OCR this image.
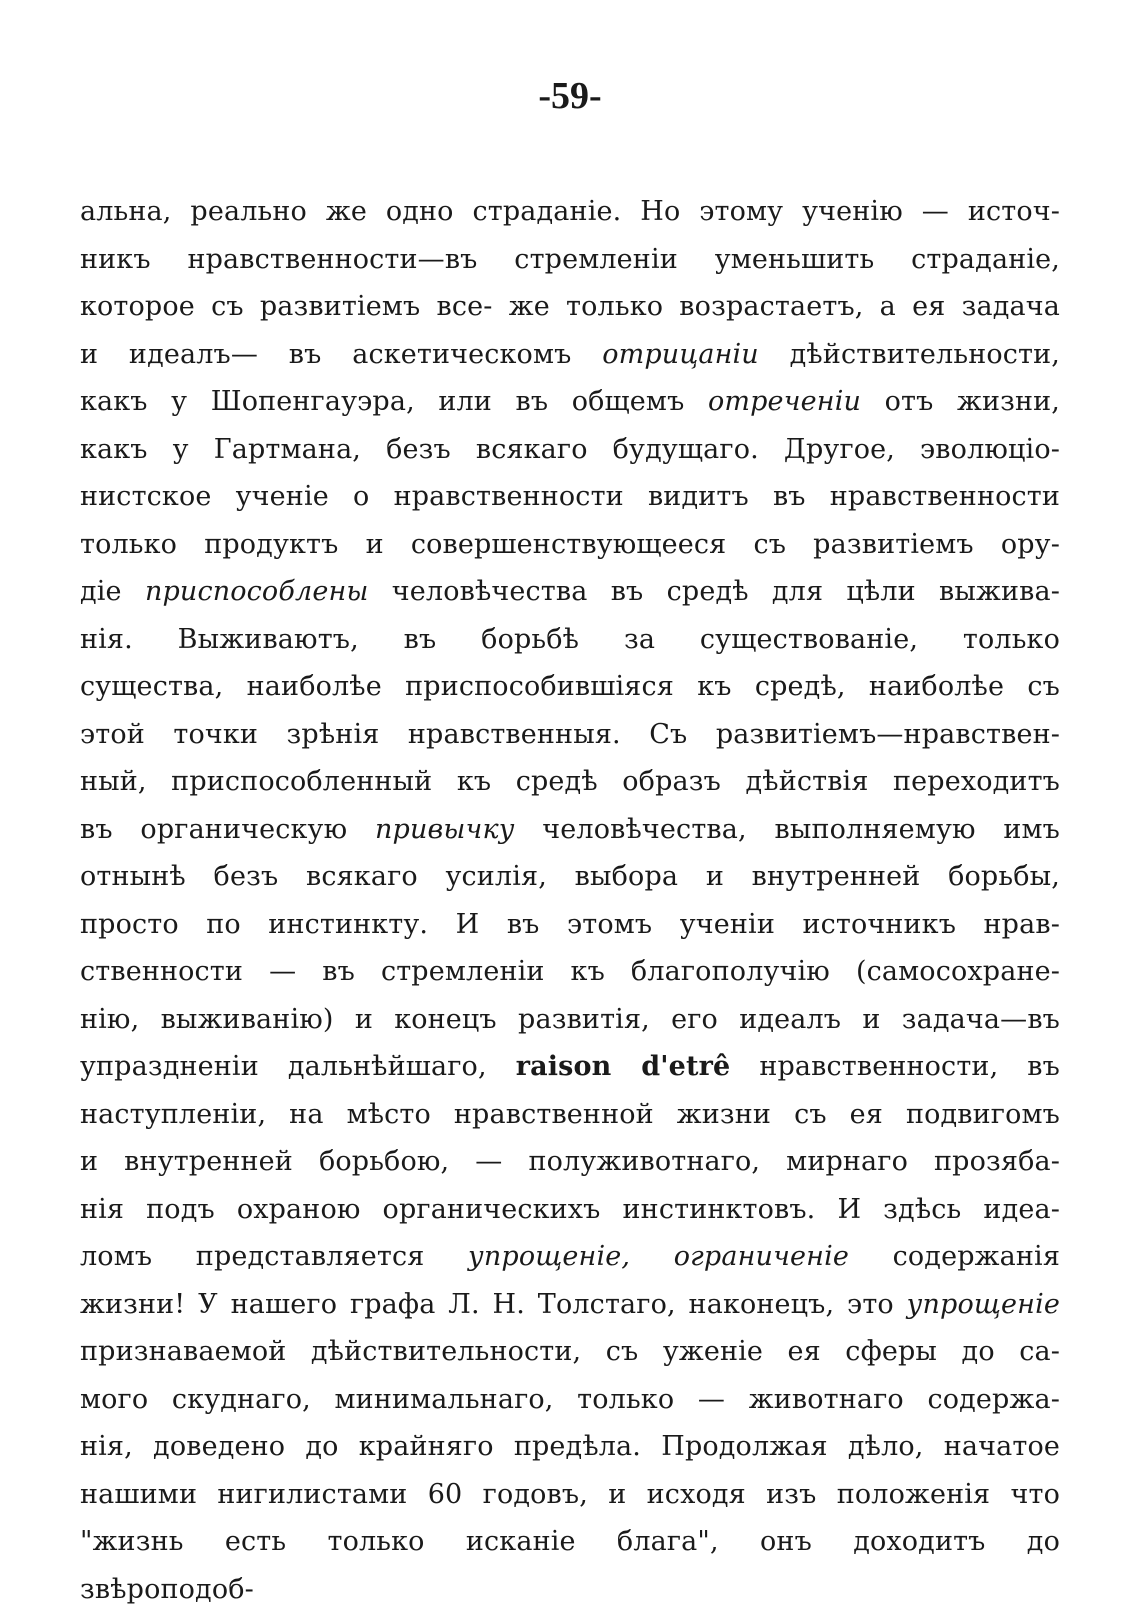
-59-
альна, реально же одно страданіе. Но этому ученію — источ-
никъ нравственности—въ стремленіи уменьшить страданіе,
которое съ развитіемъ все- же только возрастаетъ, а ея задача
и идеалъ— въ аскетическомъ отрицаніи дѣйствительности,
какъ у Шопенгауэра, или въ общемъ отреченіи отъ жизни,
какъ у Гартмана, безъ всякаго будущаго. Другое, эволюціо-
нистское ученіе о нравственности видитъ въ нравственности
только продуктъ и совершенствующееся съ развитіемъ ору-
діе приспособлены человѣчества въ средѣ для цѣли выжива-
нія. Выживаютъ, въ борьбѣ за существованіе, только
существа, наиболѣе приспособившіяся къ средѣ, наиболѣе съ
этой точки зрѣнія нравственныя. Съ развитіемъ—нравствен-
ный, приспособленный къ средѣ образъ дѣйствія переходитъ
въ органическую привычку человѣчества, выполняемую имъ
отнынѣ безъ всякаго усилія, выбора и внутренней борьбы,
просто по инстинкту. И въ этомъ ученіи источникъ нрав-
ственности — въ стремленіи къ благополучію (самосохране-
нію, выживанію) и конецъ развитія, его идеалъ и задача—въ
упраздненіи дальнѣйшаго, raison d'etrê нравственности, въ
наступленіи, на мѣсто нравственной жизни съ ея подвигомъ
и внутренней борьбою, — полуживотнаго, мирнаго прозяба-
нія подъ охраною органическихъ инстинктовъ. И здѣсь идеа-
ломъ представляется упрощеніе, ограниченіе содержанія
жизни! У нашего графа Л. Н. Толстаго, наконецъ, это упрощеніе
признаваемой дѣйствительности, съ уженіе ея сферы до са-
мого скуднаго, минимальнаго, только — животнаго содержа-
нія, доведено до крайняго предѣла. Продолжая дѣло, начатое
нашими нигилистами 60 годовъ, и исходя изъ положенія что
"жизнь есть только исканіе блага", онъ доходитъ до
звѣроподоб-
